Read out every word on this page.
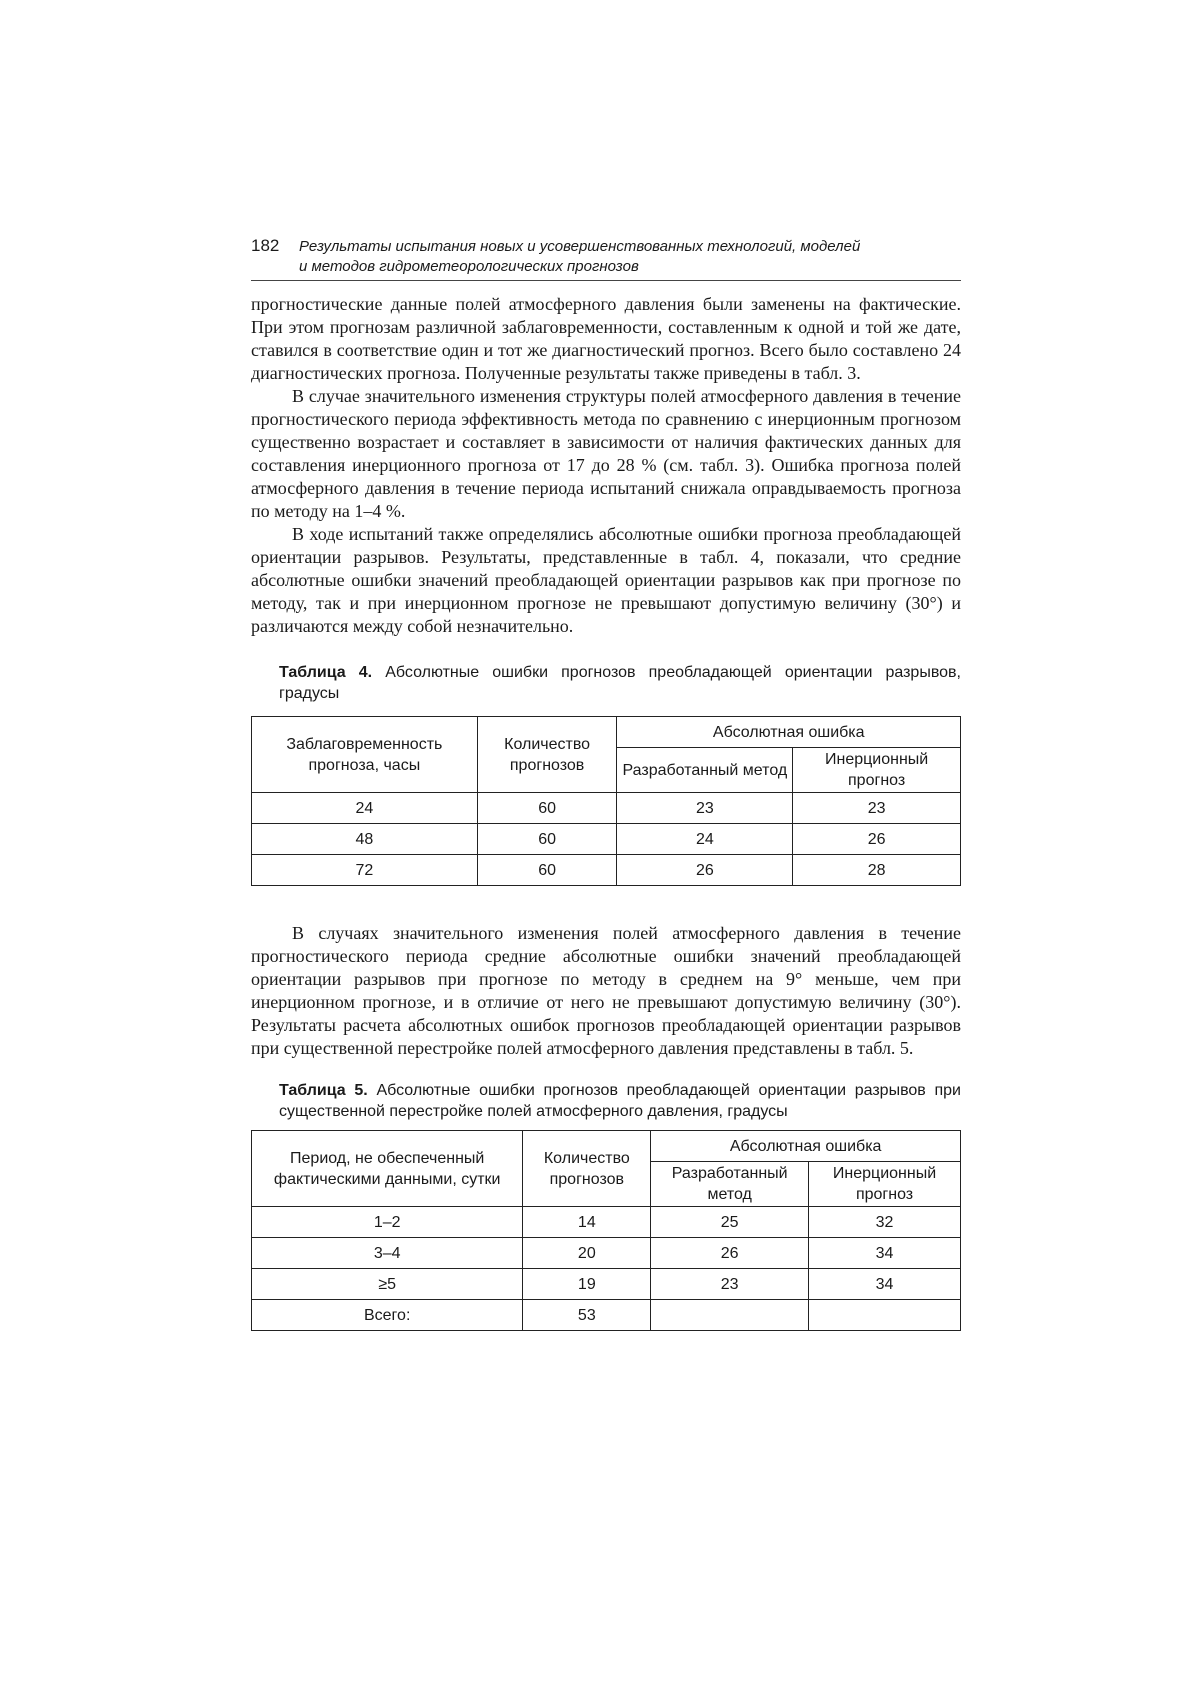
182 Результаты испытания новых и усовершенствованных технологий, моделей
и методов гидрометеорологических прогнозов

прогностические данные полей атмосферного давления были заменены на фактические. При этом прогнозам различной заблаговременности, составленным к одной и той же дате, ставился в соответствие один и тот же диагностический прогноз. Всего было составлено 24 диагностических прогноза. Полученные результаты также приведены в табл. 3.

В случае значительного изменения структуры полей атмосферного давления в течение прогностического периода эффективность метода по сравнению с инерционным прогнозом существенно возрастает и составляет в зависимости от наличия фактических данных для составления инерционного прогноза от 17 до 28 % (см. табл. 3). Ошибка прогноза полей атмосферного давления в течение периода испытаний снижала оправдываемость прогноза по методу на 1–4 %.

В ходе испытаний также определялись абсолютные ошибки прогноза преобладающей ориентации разрывов. Результаты, представленные в табл. 4, показали, что средние абсолютные ошибки значений преобладающей ориентации разрывов как при прогнозе по методу, так и при инерционном прогнозе не превышают допустимую величину (30°) и различаются между собой незначительно.

Таблица 4. Абсолютные ошибки прогнозов преобладающей ориентации разрывов, градусы
Заблаговременность прогноза, часы	Количество прогнозов	Абсолютная ошибка	
		Разработанный метод	Инерционный прогноз
24	60	23	23
48	60	24	26
72	60	26	28

В случаях значительного изменения полей атмосферного давления в течение прогностического периода средние абсолютные ошибки значений преобладающей ориентации разрывов при прогнозе по методу в среднем на 9° меньше, чем при инерционном прогнозе, и в отличие от него не превышают допустимую величину (30°). Результаты расчета абсолютных ошибок прогнозов преобладающей ориентации разрывов при существенной перестройке полей атмосферного давления представлены в табл. 5.

Таблица 5. Абсолютные ошибки прогнозов преобладающей ориентации разрывов при существенной перестройке полей атмосферного давления, градусы
Период, не обеспеченный фактическими данными, сутки	Количество прогнозов	Абсолютная ошибка	
		Разработанный метод	Инерционный прогноз
1–2	14	25	32
3–4	20	26	34
≥5	19	23	34
Всего:	53		
